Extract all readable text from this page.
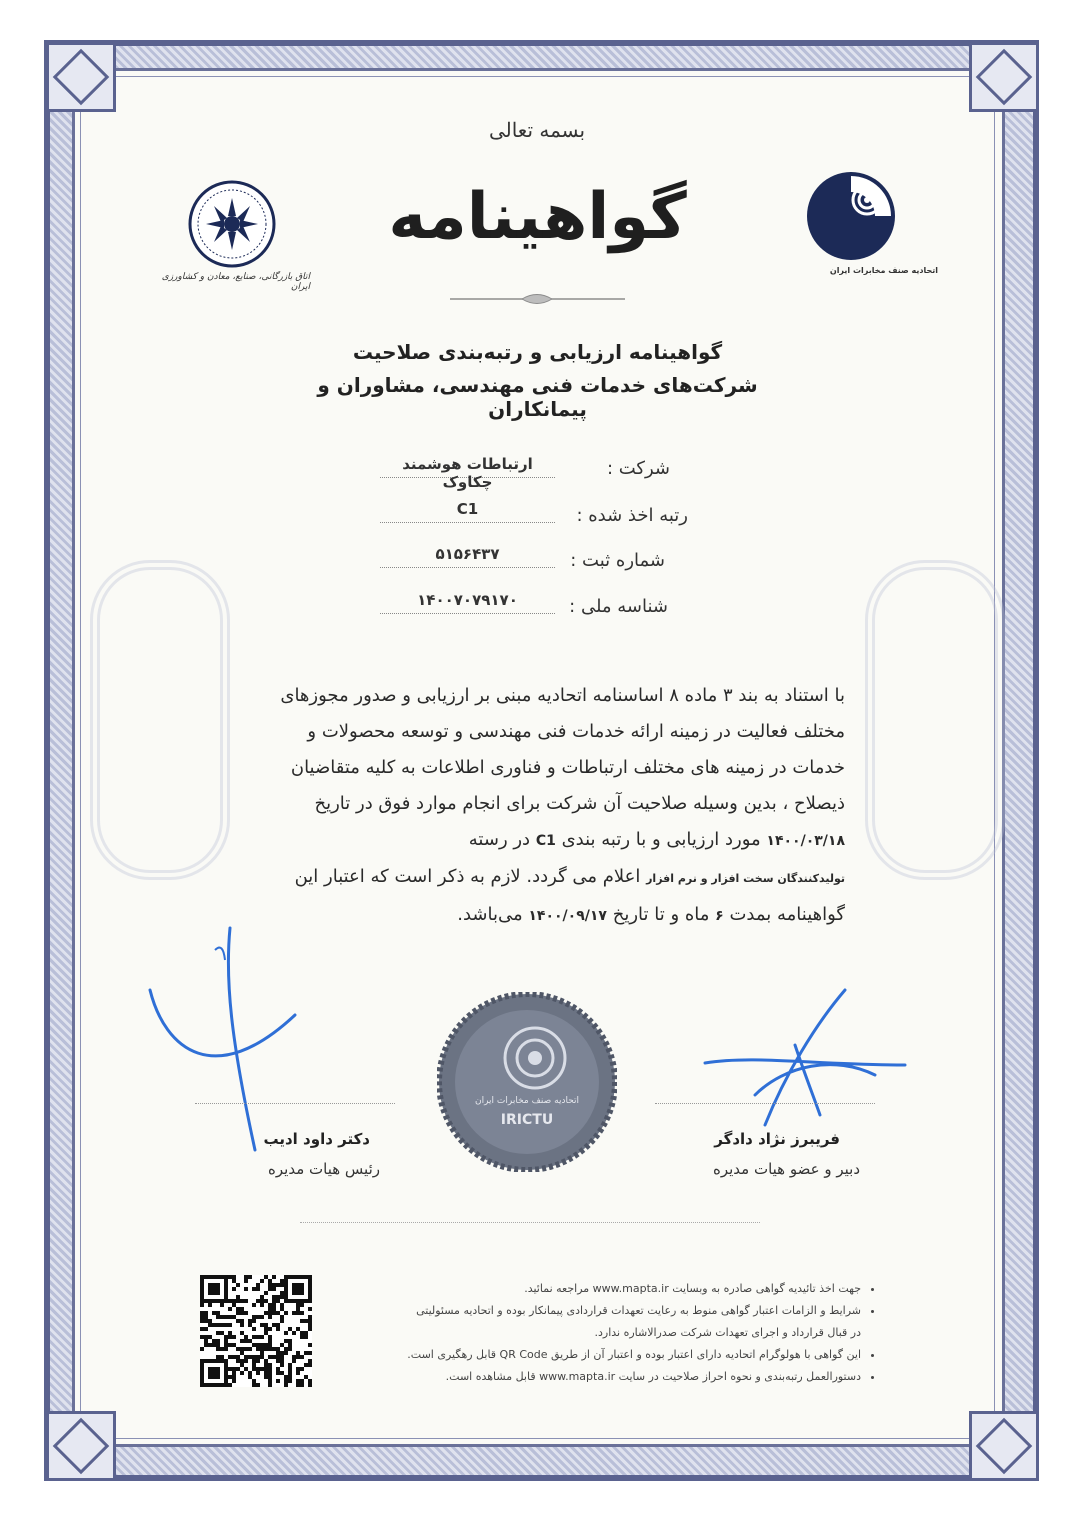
بسمه تعالی
گواهینامه
اتحادیه صنف مخابرات ایران
اتاق بازرگانی، صنایع، معادن و کشاورزی ایران
گواهینامه ارزیابی و رتبه‌بندی صلاحیت
شرکت‌های خدمات فنی مهندسی، مشاوران و پیمانکاران
شرکت :
ارتباطات هوشمند چکاوک
رتبه اخذ شده :
C1
شماره ثبت :
۵۱۵۶۴۳۷
شناسه ملی :
۱۴۰۰۷۰۷۹۱۷۰
با استناد به بند ۳ ماده ۸ اساسنامه اتحادیه مبنی بر ارزیابی و صدور مجوزهای
مختلف فعالیت در زمینه ارائه خدمات فنی مهندسی و توسعه محصولات و
خدمات در زمینه های مختلف ارتباطات و فناوری اطلاعات به کلیه متقاضیان
ذیصلاح ، بدین وسیله صلاحیت آن شرکت برای انجام موارد فوق در تاریخ
۱۴۰۰/۰۳/۱۸ مورد ارزیابی و با رتبه بندی C1 در رسته
تولیدکنندگان سخت افزار و نرم افزار اعلام می گردد. لازم به ذکر است که اعتبار این
گواهینامه بمدت ۶ ماه و تا تاریخ ۱۴۰۰/۰۹/۱۷ می‌باشد.
دکتر داود ادیب
رئیس هیات مدیره
فریبرز نژاد دادگر
دبیر و عضو هیات مدیره
اتحادیه صنف مخابرات ایران
IRICTU
• جهت اخذ تائیدیه گواهی صادره به وبسایت www.mapta.ir مراجعه نمائید.
• شرایط و الزامات اعتبار گواهی منوط به رعایت تعهدات قراردادی پیمانکار بوده و اتحادیه مسئولیتی
در قبال قرارداد و اجرای تعهدات شرکت صدرالاشاره ندارد.
• این گواهی با هولوگرام اتحادیه دارای اعتبار بوده و اعتبار آن از طریق QR Code قابل رهگیری است.
• دستورالعمل رتبه‌بندی و نحوه احراز صلاحیت در سایت www.mapta.ir قابل مشاهده است.
